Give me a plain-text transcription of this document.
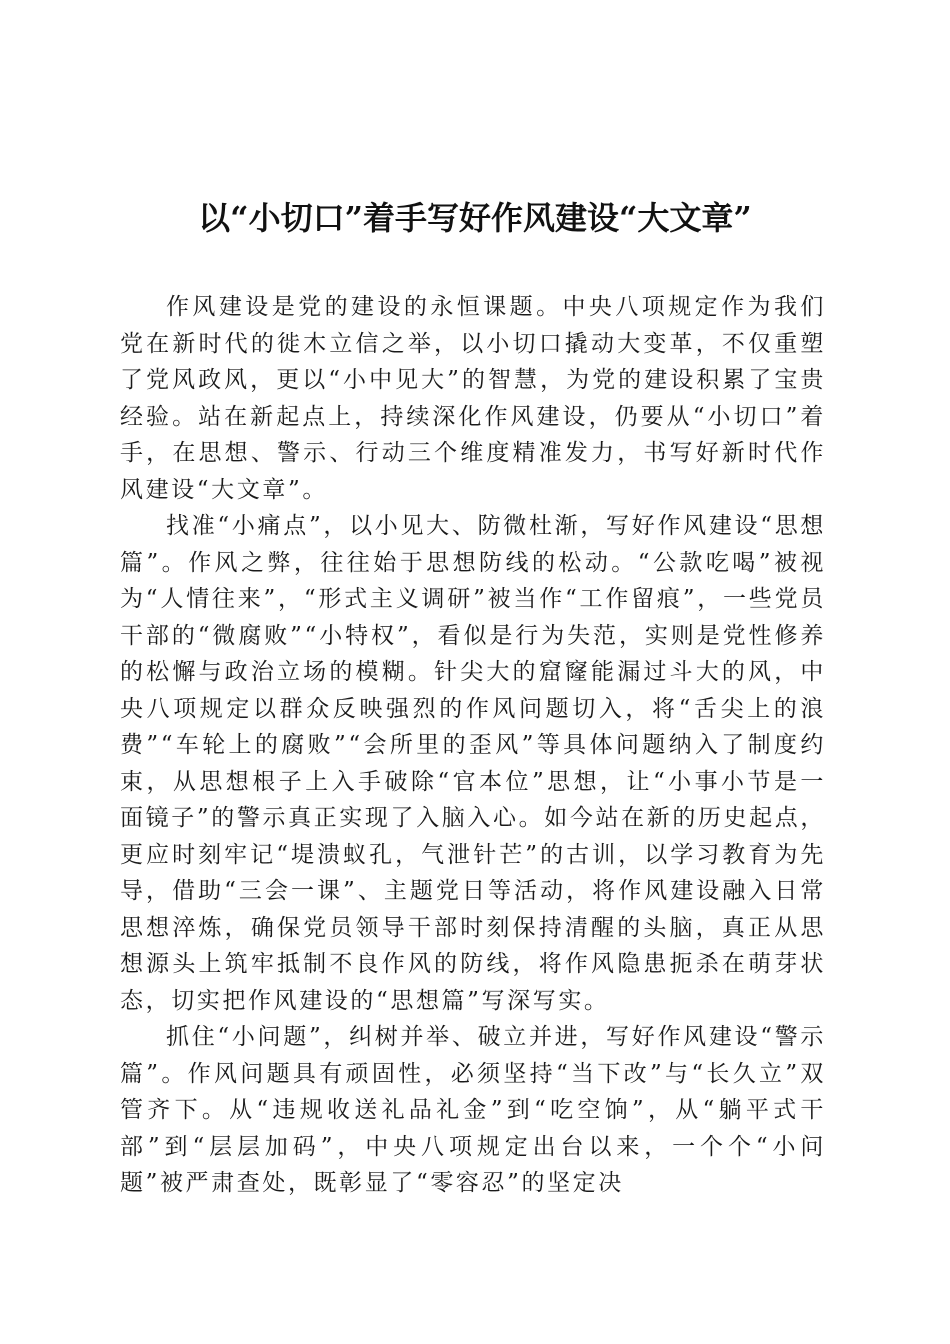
以“小切口”着手写好作风建设“大文章”

作风建设是党的建设的永恒课题。中央八项规定作为我们党在新时代的徙木立信之举，以小切口撬动大变革，不仅重塑了党风政风，更以“小中见大”的智慧，为党的建设积累了宝贵经验。站在新起点上，持续深化作风建设，仍要从“小切口”着手，在思想、警示、行动三个维度精准发力，书写好新时代作风建设“大文章”。

找准“小痛点”，以小见大、防微杜渐，写好作风建设“思想篇”。作风之弊，往往始于思想防线的松动。“公款吃喝”被视为“人情往来”，“形式主义调研”被当作“工作留痕”，一些党员干部的“微腐败”“小特权”，看似是行为失范，实则是党性修养的松懈与政治立场的模糊。针尖大的窟窿能漏过斗大的风，中央八项规定以群众反映强烈的作风问题切入，将“舌尖上的浪费”“车轮上的腐败”“会所里的歪风”等具体问题纳入了制度约束，从思想根子上入手破除“官本位”思想，让“小事小节是一面镜子”的警示真正实现了入脑入心。如今站在新的历史起点，更应时刻牢记“堤溃蚁孔，气泄针芒”的古训，以学习教育为先导，借助“三会一课”、主题党日等活动，将作风建设融入日常思想淬炼，确保党员领导干部时刻保持清醒的头脑，真正从思想源头上筑牢抵制不良作风的防线，将作风隐患扼杀在萌芽状态，切实把作风建设的“思想篇”写深写实。

抓住“小问题”，纠树并举、破立并进，写好作风建设“警示篇”。作风问题具有顽固性，必须坚持“当下改”与“长久立”双管齐下。从“违规收送礼品礼金”到“吃空饷”，从“躺平式干部”到“层层加码”，中央八项规定出台以来，一个个“小问题”被严肃查处，既彰显了“零容忍”的坚定决
